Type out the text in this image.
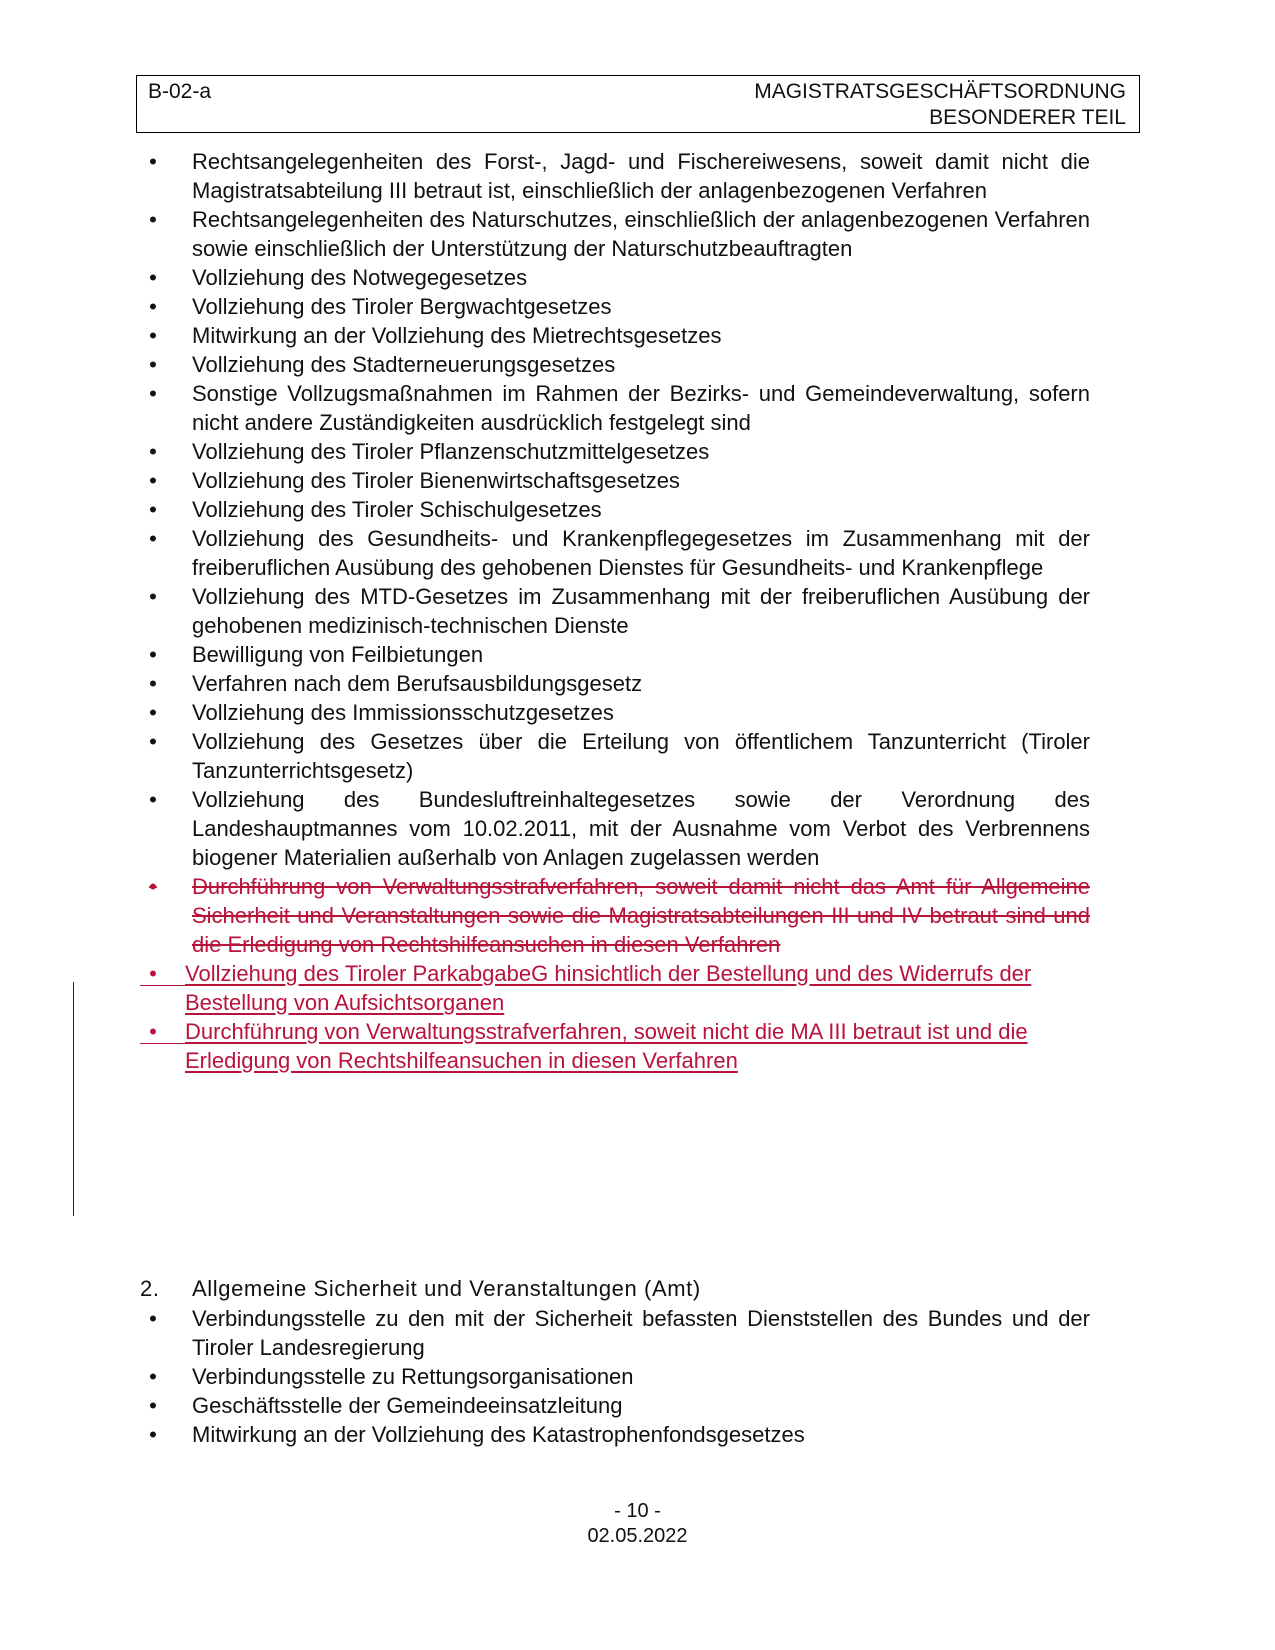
B-02-a	MAGISTRATSGESCHÄFTSORDNUNG
BESONDERER TEIL
• Rechtsangelegenheiten des Forst-, Jagd- und Fischereiwesens, soweit damit nicht die Magistratsabteilung III betraut ist, einschließlich der anlagenbezogenen Verfahren
• Rechtsangelegenheiten des Naturschutzes, einschließlich der anlagenbezogenen Verfahren sowie einschließlich der Unterstützung der Naturschutzbeauftragten
• Vollziehung des Notwegegesetzes
• Vollziehung des Tiroler Bergwachtgesetzes
• Mitwirkung an der Vollziehung des Mietrechtsgesetzes
• Vollziehung des Stadterneuerungsgesetzes
• Sonstige Vollzugsmaßnahmen im Rahmen der Bezirks- und Gemeindeverwaltung, sofern nicht andere Zuständigkeiten ausdrücklich festgelegt sind
• Vollziehung des Tiroler Pflanzenschutzmittelgesetzes
• Vollziehung des Tiroler Bienenwirtschaftsgesetzes
• Vollziehung des Tiroler Schischulgesetzes
• Vollziehung des Gesundheits- und Krankenpflegegesetzes im Zusammenhang mit der freiberuflichen Ausübung des gehobenen Dienstes für Gesundheits- und Krankenpflege
• Vollziehung des MTD-Gesetzes im Zusammenhang mit der freiberuflichen Ausübung der gehobenen medizinisch-technischen Dienste
• Bewilligung von Feilbietungen
• Verfahren nach dem Berufsausbildungsgesetz
• Vollziehung des Immissionsschutzgesetzes
• Vollziehung des Gesetzes über die Erteilung von öffentlichem Tanzunterricht (Tiroler Tanzunterrichtsgesetz)
• Vollziehung des Bundesluftreinhaltegesetzes sowie der Verordnung des Landeshauptmannes vom 10.02.2011, mit der Ausnahme vom Verbot des Verbrennens biogener Materialien außerhalb von Anlagen zugelassen werden
• Durchführung von Verwaltungsstrafverfahren, soweit damit nicht das Amt für Allgemeine Sicherheit und Veranstaltungen sowie die Magistratsabteilungen III und IV betraut sind und die Erledigung von Rechtshilfeansuchen in diesen Verfahren
• Vollziehung des Tiroler ParkabgabeG hinsichtlich der Bestellung und des Widerrufs der Bestellung von Aufsichtsorganen
• Durchführung von Verwaltungsstrafverfahren, soweit nicht die MA III betraut ist und die Erledigung von Rechtshilfeansuchen in diesen Verfahren
2. Allgemeine Sicherheit und Veranstaltungen (Amt)
• Verbindungsstelle zu den mit der Sicherheit befassten Dienststellen des Bundes und der Tiroler Landesregierung
• Verbindungsstelle zu Rettungsorganisationen
• Geschäftsstelle der Gemeindeeinsatzleitung
• Mitwirkung an der Vollziehung des Katastrophenfondsgesetzes
- 10 -
02.05.2022
